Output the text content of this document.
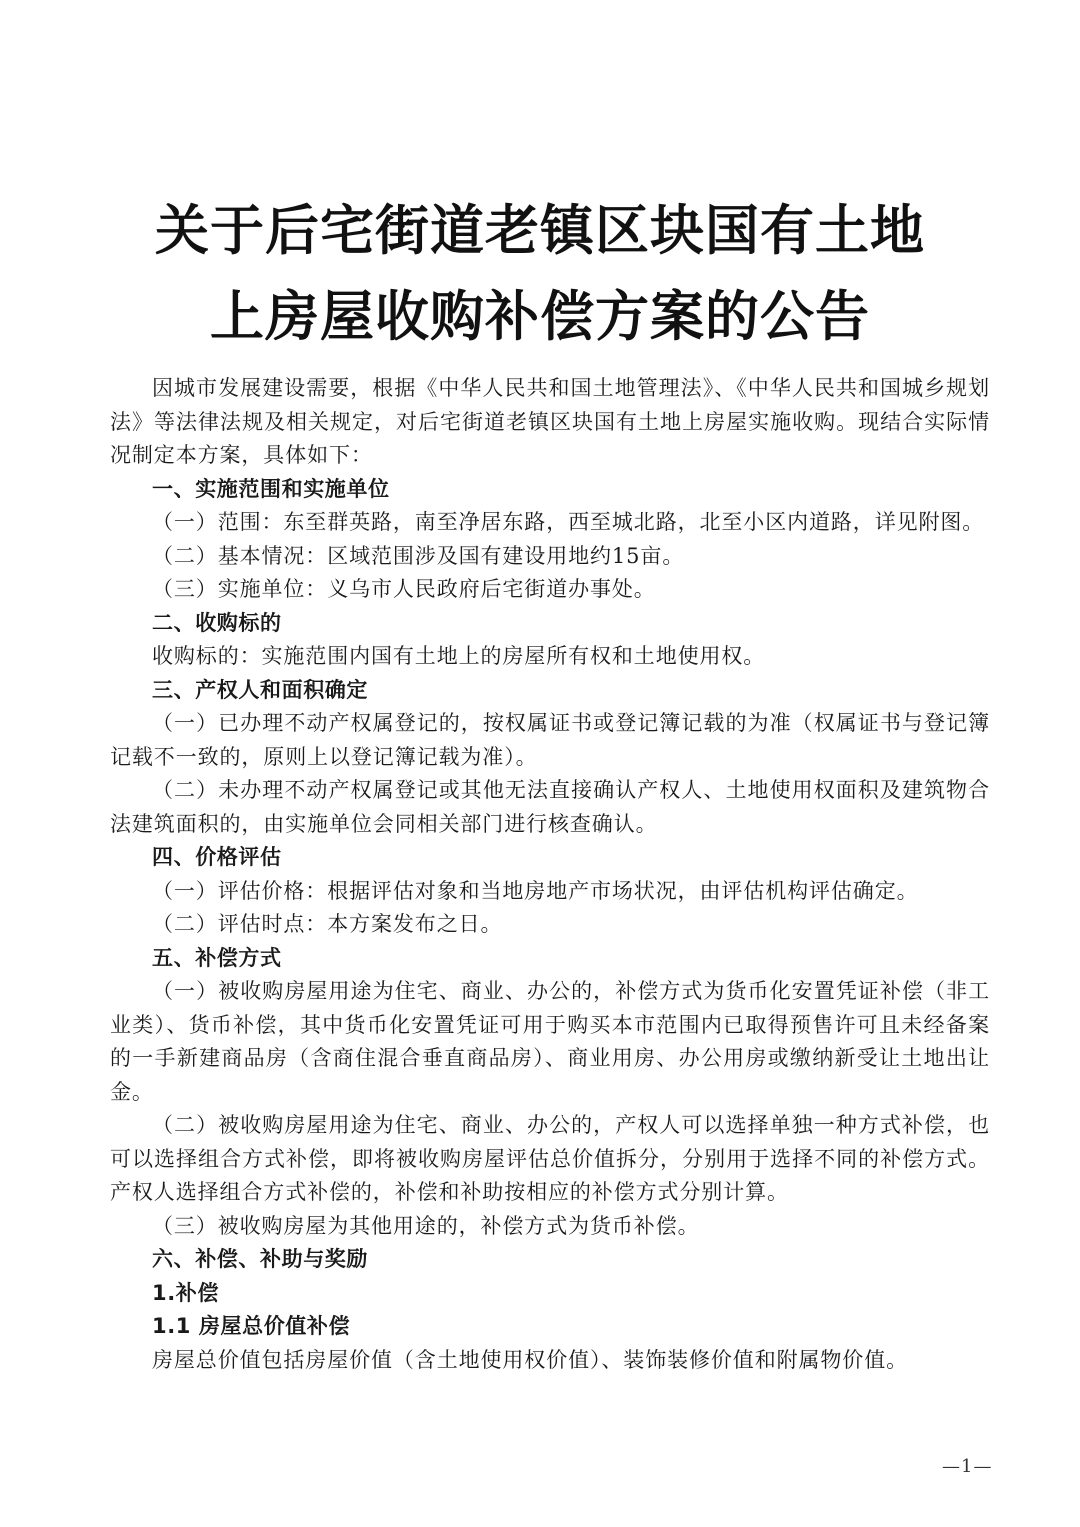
关于后宅街道老镇区块国有土地
上房屋收购补偿方案的公告

因城市发展建设需要，根据《中华人民共和国土地管理法》、《中华人民共和国城乡规划法》等法律法规及相关规定，对后宅街道老镇区块国有土地上房屋实施收购。现结合实际情况制定本方案，具体如下：

一、实施范围和实施单位

（一）范围：东至群英路，南至净居东路，西至城北路，北至小区内道路，详见附图。

（二）基本情况：区域范围涉及国有建设用地约15亩。

（三）实施单位：义乌市人民政府后宅街道办事处。

二、收购标的

收购标的：实施范围内国有土地上的房屋所有权和土地使用权。

三、产权人和面积确定

（一）已办理不动产权属登记的，按权属证书或登记簿记载的为准（权属证书与登记簿记载不一致的，原则上以登记簿记载为准）。

（二）未办理不动产权属登记或其他无法直接确认产权人、土地使用权面积及建筑物合法建筑面积的，由实施单位会同相关部门进行核查确认。

四、价格评估

（一）评估价格：根据评估对象和当地房地产市场状况，由评估机构评估确定。

（二）评估时点：本方案发布之日。

五、补偿方式

（一）被收购房屋用途为住宅、商业、办公的，补偿方式为货币化安置凭证补偿（非工业类）、货币补偿，其中货币化安置凭证可用于购买本市范围内已取得预售许可且未经备案的一手新建商品房（含商住混合垂直商品房）、商业用房、办公用房或缴纳新受让土地出让金。

（二）被收购房屋用途为住宅、商业、办公的，产权人可以选择单独一种方式补偿，也可以选择组合方式补偿，即将被收购房屋评估总价值拆分，分别用于选择不同的补偿方式。产权人选择组合方式补偿的，补偿和补助按相应的补偿方式分别计算。

（三）被收购房屋为其他用途的，补偿方式为货币补偿。

六、补偿、补助与奖励

1.补偿

1.1 房屋总价值补偿

房屋总价值包括房屋价值（含土地使用权价值）、装饰装修价值和附属物价值。

—1—
